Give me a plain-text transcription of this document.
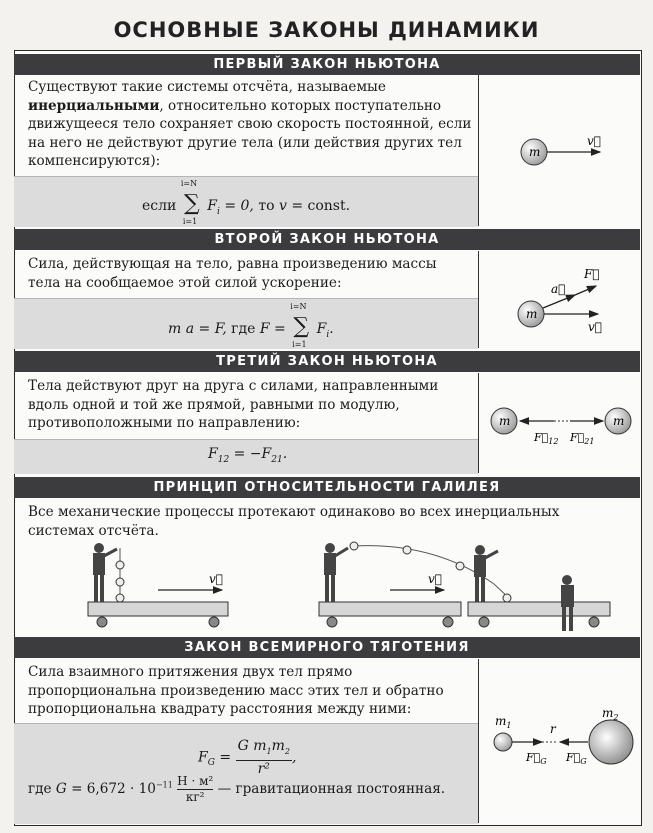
ОСНОВНЫЕ ЗАКОНЫ ДИНАМИКИ
ПЕРВЫЙ ЗАКОН НЬЮТОНА
Существуют такие системы отсчёта, называемые инерциальными, относительно которых поступательно движущееся тело сохраняет свою скорость постоянной, если на него не действуют другие тела (или действия других тел компенсируются):
если ∑
i=N
i=1
$F_i = 0$, то v = const.
m
v⃗
ВТОРОЙ ЗАКОН НЬЮТОНА
Сила, действующая на тело, равна произведению массы тела на сообщаемое этой силой ускорение:
m a = F, где F = ∑
i=N
i=1
$F_i$.
m
a⃗
F⃗
v⃗
ТРЕТИЙ ЗАКОН НЬЮТОНА
Тела действуют друг на друга с силами, направленными вдоль одной и той же прямой, равными по модулю, противоположными по направлению:
$F_{12} = -F_{21}$.
m	m
$F⃗_{12}$ $F⃗_{21}$
ПРИНЦИП ОТНОСИТЕЛЬНОСТИ ГАЛИЛЕЯ
Все механические процессы протекают одинаково во всех инерциальных системах отсчёта.
v⃗	v⃗
ЗАКОН ВСЕМИРНОГО ТЯГОТЕНИЯ
Сила взаимного притяжения двух тел прямо пропорциональна произведению масс этих тел и обратно пропорциональна квадрату расстояния между ними:
$F_G = \frac{G m_1m_2}{\text{r²}}$ ,
где $G = 6,672 \cdot 10^{-11}$ Н · м²
кг² — гравитационная постоянная.
$m_1$
$m_2$
r
$F⃗_G$ $F⃗_G$
